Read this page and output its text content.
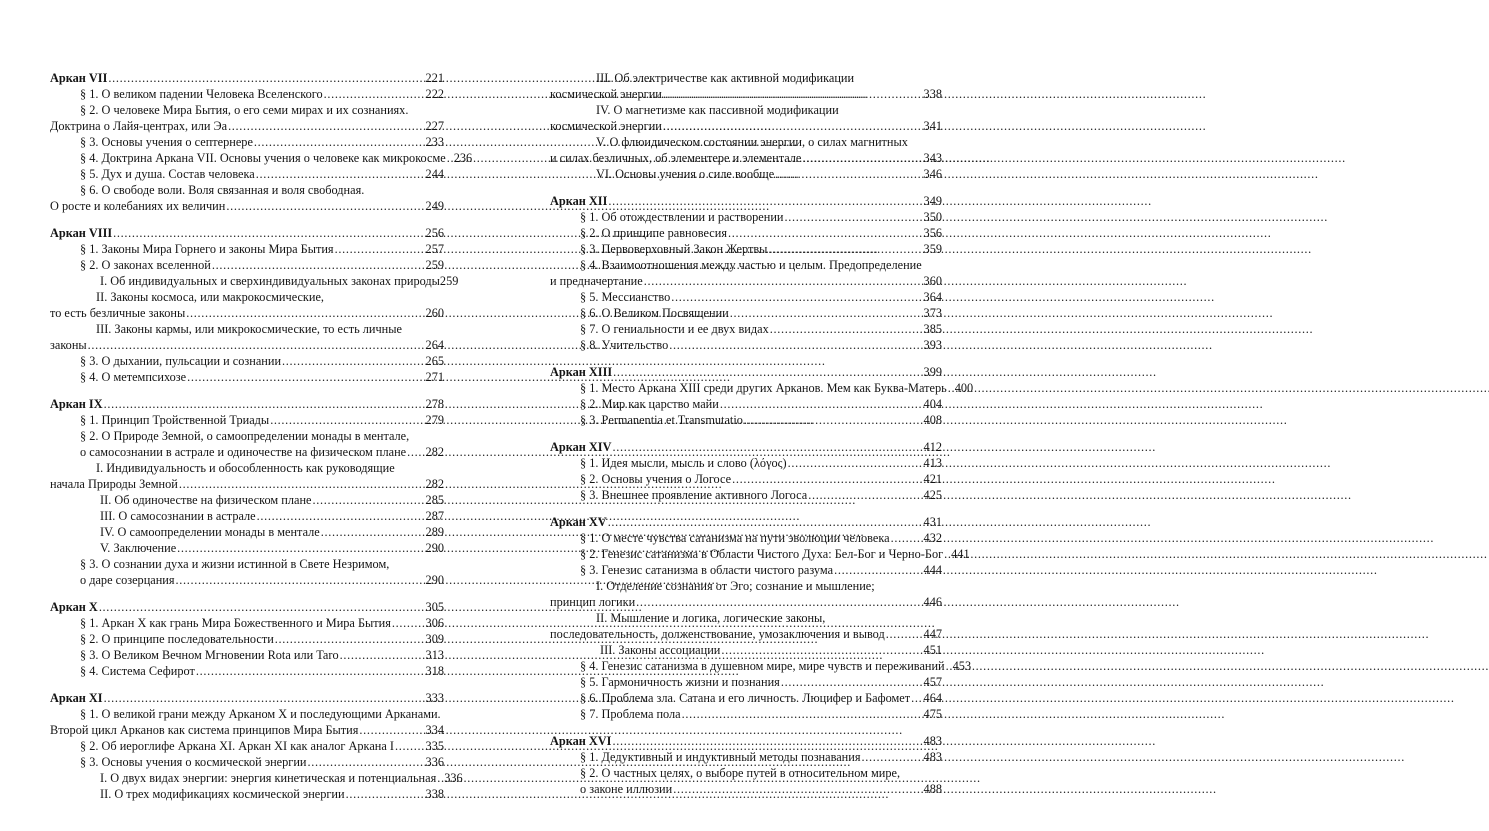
Аркан VII . . .	221
§ 1. О великом падении Человека Вселенского . . .	222
§ 2. О человеке Мира Бытия, о его семи мирах и их сознаниях.
Доктрина о Лайя-центрах, или Эа . . .	227
§ 3. Основы учения о септернере . . .	233
§ 4. Доктрина Аркана VII. Основы учения о человеке как микрокосме . . . 236
§ 5. Дух и душа. Состав человека . . .	244
§ 6. О свободе воли. Воля связанная и воля свободная.
О росте и колебаниях их величин . . .	249
Аркан VIII . . .	256
§ 1. Законы Мира Горнего и законы Мира Бытия . . .	257
§ 2. О законах вселенной . . .	259
I. Об индивидуальных и сверхиндивидуальных законах природы 259
II. Законы космоса, или макрокосмические,
то есть безличные законы . . .	260
III. Законы кармы, или микрокосмические, то есть личные
законы . . .	264
§ 3. О дыхании, пульсации и сознании . . .	265
§ 4. О метемпсихозе . . .	271
Аркан IX . . .	278
§ 1. Принцип Тройственной Триады . . .	279
§ 2. О Природе Земной, о самоопределении монады в ментале,
о самосознании в астрале и одиночестве на физическом плане . . . 282
I. Индивидуальность и обособленность как руководящие
начала Природы Земной . . .	282
II. Об одиночестве на физическом плане . . .	285
III. О самосознании в астрале . . .	287
IV. О самоопределении монады в ментале . . .	289
V. Заключение . . .	290
§ 3. О сознании духа и жизни истинной в Свете Незримом,
о даре созерцания . . .	290
Аркан X . . .	305
§ 1. Аркан X как грань Мира Божественного и Мира Бытия . . .	306
§ 2. О принципе последовательности . . .	309
§ 3. О Великом Вечном Мгновении Rota или Taro . . .	313
§ 4. Система Сефирот . . .	318
Аркан XI . . .	333
§ 1. О великой грани между Арканом X и последующими Арканами.
Второй цикл Арканов как система принципов Мира Бытия . . .	334
§ 2. Об иероглифе Аркана XI. Аркан XI как аналог Аркана I . . .	335
§ 3. Основы учения о космической энергии . . .	336
I. О двух видах энергии: энергия кинетическая и потенциальная . . . 336
II. О трех модификациях космической энергии . . .	338
III. Об электричестве как активной модификации
космической энергии . . .	338
IV. О магнетизме как пассивной модификации
космической энергии . . .	341
V. О флюидическом состоянии энергии, о силах магнитных
и силах безличных, об элементере и элементале . . .	343
VI. Основы учения о силе вообще . . .	346
Аркан XII . . .	349
§ 1. Об отождествлении и растворении . . .	350
§ 2. О принципе равновесия . . .	356
§ 3. Первоверховный Закон Жертвы . . .	359
§ 4. Взаимоотношения между частью и целым. Предопределение
и предначертание . . .	360
§ 5. Мессианство . . .	364
§ 6. О Великом Посвящении . . .	373
§ 7. О гениальности и ее двух видах . . .	385
§ 8. Учительство . . .	393
Аркан XIII . . .	399
§ 1. Место Аркана XIII среди других Арканов. Мем как Буква-Матерь . . . 400
§ 2. Мир как царство майи . . .	404
§ 3. Permanentia et Transmutatio . . .	408
Аркан XIV . . .	412
§ 1. Идея мысли, мысль и слово (λόγος) . . .	413
§ 2. Основы учения о Логосе . . .	421
§ 3. Внешнее проявление активного Логоса . . .	425
Аркан XV . . .	431
§ 1. О месте чувства сатанизма на пути эволюции человека . . .	432
§ 2. Генезис сатанизма в Области Чистого Духа: Бел-Бог и Черно-Бог . . . 441
§ 3. Генезис сатанизма в области чистого разума . . .	444
I. Отделение сознания от Эго; сознание и мышление;
принцип логики . . .	446
II. Мышление и логика, логические законы,
последовательность, долженствование, умозаключения и вывод . . .	447
III. Законы ассоциации . . .	451
§ 4. Генезис сатанизма в душевном мире, мире чувств и переживаний . . . 453
§ 5. Гармоничность жизни и познания . . .	457
§ 6. Проблема зла. Сатана и его личность. Люцифер и Бафомет . . . 464
§ 7. Проблема пола . . .	475
Аркан XVI . . .	483
§ 1. Дедуктивный и индуктивный методы познавания . . .	483
§ 2. О частных целях, о выборе путей в относительном мире,
о законе иллюзии . . .	488
